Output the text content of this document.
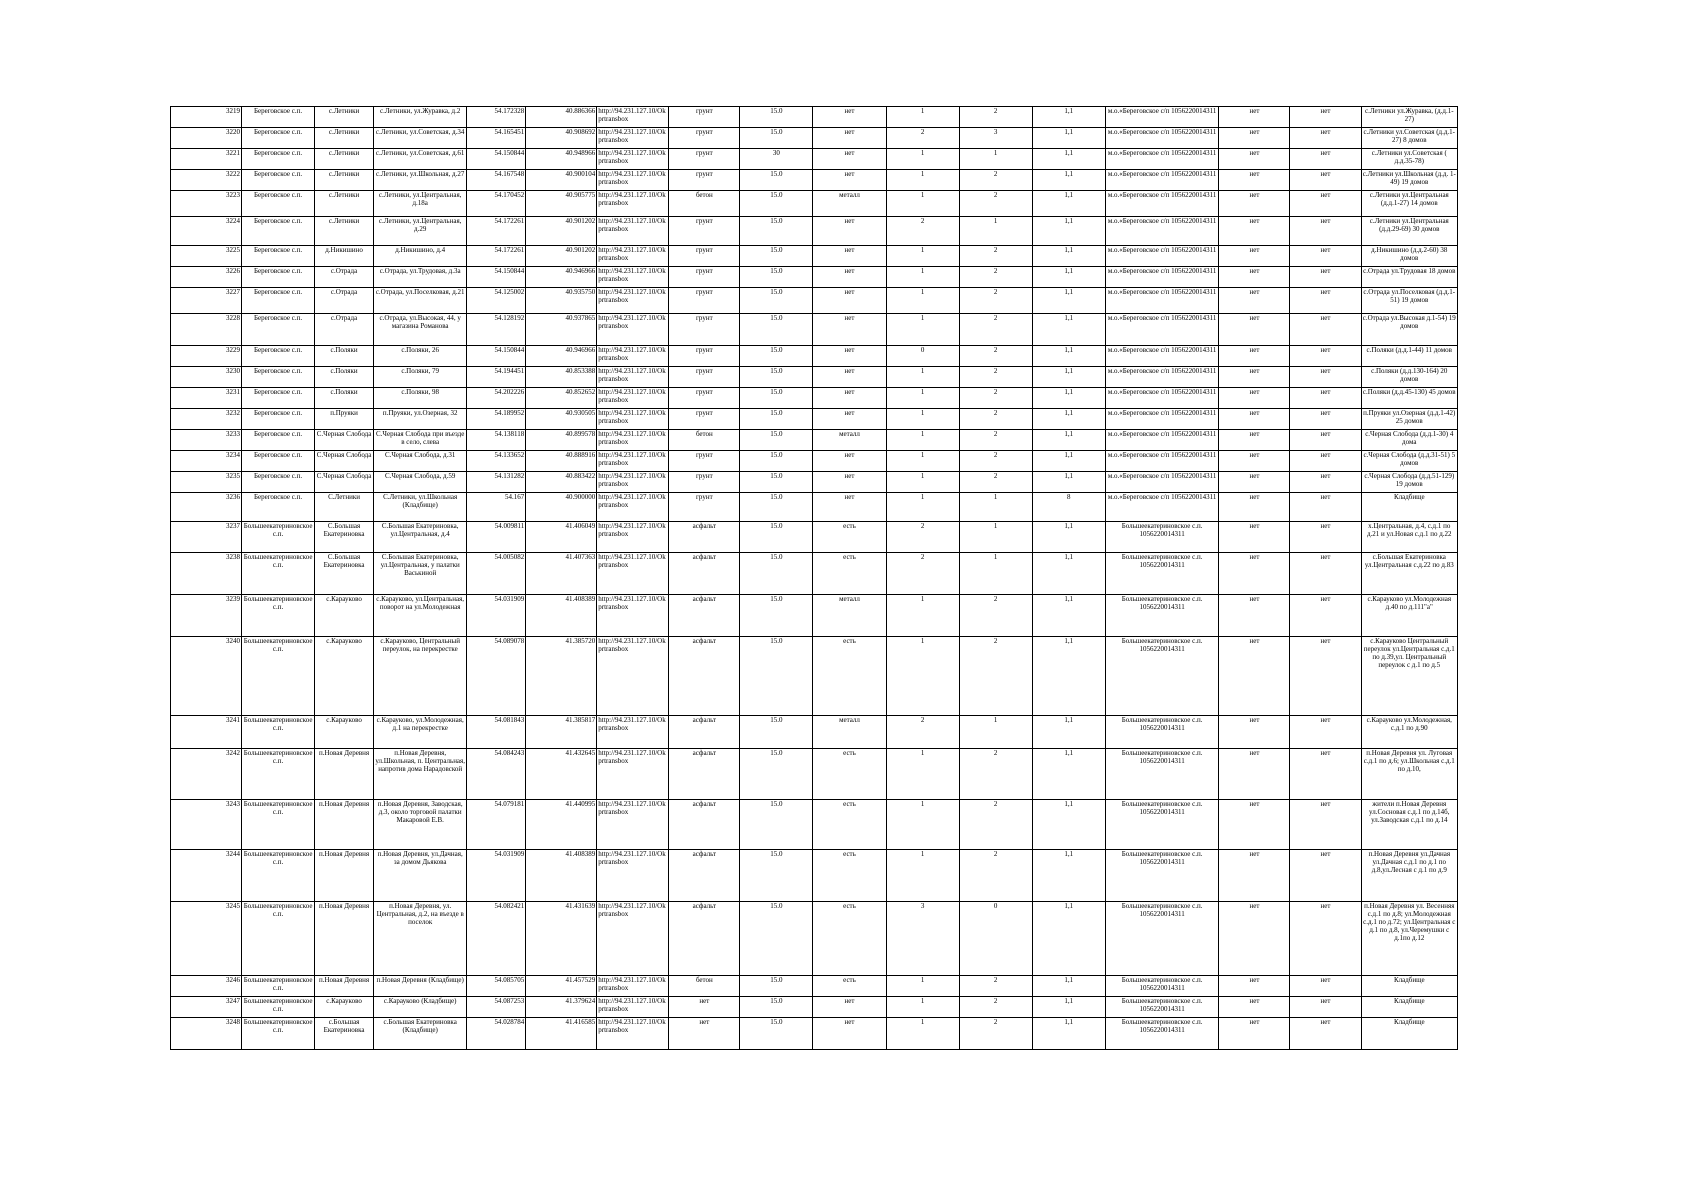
3219	Береговское с.п.	с.Летники	с.Летники, ул.Журавка, д.2	54.172328	40.886366	http://94.231.127.10/Okprtransbox	грунт	15.0	нет	1	2	1,1	м.о.«Береговское с/п 1056220014311	нет	нет	с.Летники ул.Журавка, (д.д.1-27)
3220	Береговское с.п.	с.Летники	с.Летники, ул.Советская, д.34	54.165451	40.908692	http://94.231.127.10/Okprtransbox	грунт	15.0	нет	2	3	1,1	м.о.«Береговское с/п 1056220014311	нет	нет	с.Летники ул.Советская (д.д.1-27) 8 домов
3221	Береговское с.п.	с.Летники	с.Летники, ул.Советская, д.61	54.150844	40.948966	http://94.231.127.10/Okprtransbox	грунт	30	нет	1	1	1,1	м.о.«Береговское с/п 1056220014311	нет	нет	с.Летники ул.Советская ( д.д.35-78)
3222	Береговское с.п.	с.Летники	с.Летники, ул.Школьная, д.27	54.167548	40.900104	http://94.231.127.10/Okprtransbox	грунт	15.0	нет	1	2	1,1	м.о.«Береговское с/п 1056220014311	нет	нет	с.Летники ул.Школьная (д.д. 1-49) 19 домов
3223	Береговское с.п.	с.Летники	с.Летники, ул.Центральная, д.18а	54.170452	40.905775	http://94.231.127.10/Okprtransbox	бетон	15.0	металл	1	2	1,1	м.о.«Береговское с/п 1056220014311	нет	нет	с.Летники ул.Центральная (д.д.1-27) 14 домов
3224	Береговское с.п.	с.Летники	с.Летники, ул.Центральная, д.29	54.172261	40.901202	http://94.231.127.10/Okprtransbox	грунт	15.0	нет	2	1	1,1	м.о.«Береговское с/п 1056220014311	нет	нет	с.Летники ул.Центральная (д.д.29-69) 30 домов
3225	Береговское с.п.	д.Никишино	д.Никишино, д.4	54.172261	40.901202	http://94.231.127.10/Okprtransbox	грунт	15.0	нет	1	2	1,1	м.о.«Береговское с/п 1056220014311	нет	нет	д.Никишино (д.д.2-60) 38 домов
3226	Береговское с.п.	с.Отрада	с.Отрада, ул.Трудовая, д.3а	54.150844	40.946966	http://94.231.127.10/Okprtransbox	грунт	15.0	нет	1	2	1,1	м.о.«Береговское с/п 1056220014311	нет	нет	с.Отрада ул.Трудовая 18 домов
3227	Береговское с.п.	с.Отрада	с.Отрада, ул.Поселковая, д.21	54.125002	40.935750	http://94.231.127.10/Okprtransbox	грунт	15.0	нет	1	2	1,1	м.о.«Береговское с/п 1056220014311	нет	нет	с.Отрада ул.Поселковая (д.д.1-51) 19 домов
3228	Береговское с.п.	с.Отрада	с.Отрада, ул.Высокая, 44, у магазина Романова	54.128192	40.937865	http://94.231.127.10/Okprtransbox	грунт	15.0	нет	1	2	1,1	м.о.«Береговское с/п 1056220014311	нет	нет	с.Отрада ул.Высокая д.1-54) 19 домов
3229	Береговское с.п.	с.Поляки	с.Поляки, 26	54.150844	40.946966	http://94.231.127.10/Okprtransbox	грунт	15.0	нет	0	2	1,1	м.о.«Береговское с/п 1056220014311	нет	нет	с.Поляки (д.д.1-44) 11 домов
3230	Береговское с.п.	с.Поляки	с.Поляки, 79	54.194451	40.853388	http://94.231.127.10/Okprtransbox	грунт	15.0	нет	1	2	1,1	м.о.«Береговское с/п 1056220014311	нет	нет	с.Поляки (д.д.130-164) 20 домов
3231	Береговское с.п.	с.Поляки	с.Поляки, 98	54.202226	40.852652	http://94.231.127.10/Okprtransbox	грунт	15.0	нет	1	2	1,1	м.о.«Береговское с/п 1056220014311	нет	нет	с.Поляки (д.д.45-130) 45 домов
3232	Береговское с.п.	п.Пруяки	п.Пруяки, ул.Озерная, 32	54.189952	40.930505	http://94.231.127.10/Okprtransbox	грунт	15.0	нет	1	2	1,1	м.о.«Береговское с/п 1056220014311	нет	нет	п.Пруяки ул.Озерная (д.д.1-42) 25 домов
3233	Береговское с.п.	С.Черная Слобода	С.Черная Слобода при въезде в село, слева	54.138118	40.899578	http://94.231.127.10/Okprtransbox	бетон	15.0	металл	1	2	1,1	м.о.«Береговское с/п 1056220014311	нет	нет	с.Черная Слобода (д.д.1-30) 4 дома
3234	Береговское с.п.	С.Черная Слобода	С.Черная Слобода, д.31	54.133652	40.888916	http://94.231.127.10/Okprtransbox	грунт	15.0	нет	1	2	1,1	м.о.«Береговское с/п 1056220014311	нет	нет	с.Черная Слобода (д.д.31-51) 5 домов
3235	Береговское с.п.	С.Черная Слобода	С.Черная Слобода, д.59	54.131282	40.883422	http://94.231.127.10/Okprtransbox	грунт	15.0	нет	1	2	1,1	м.о.«Береговское с/п 1056220014311	нет	нет	с.Черная Слобода (д.д.51-129) 19 домов
3236	Береговское с.п.	С.Летники	С.Летники, ул.Школьная (Кладбище)	54.167	40.900000	http://94.231.127.10/Okprtransbox	грунт	15.0	нет	1	1	8	м.о.«Береговское с/п 1056220014311	нет	нет	Кладбище
3237	Большеекатериновское с.п.	С.Большая Екатериновка	С.Большая Екатериновка, ул.Центральная, д.4	54.009811	41.406049	http://94.231.127.10/Okprtransbox	асфальт	15.0	есть	2	1	1,1	Большеекатериновское с.п. 1056220014311	нет	нет	х.Центральная, д.4, с.д.1 по д.21 и ул.Новая с.д.1 по д.22
3238	Большеекатериновское с.п.	С.Большая Екатериновка	С.Большая Екатериновка, ул.Центральная, у палатки Васькиной	54.005082	41.407363	http://94.231.127.10/Okprtransbox	асфальт	15.0	есть	2	1	1,1	Большеекатериновское с.п. 1056220014311	нет	нет	с.Большая Екатериновка ул.Центральная с.д.22 по д.83
3239	Большеекатериновское с.п.	с.Карауково	с.Карауково, ул.Центральная, поворот на ул.Молодежная	54.031909	41.408389	http://94.231.127.10/Okprtransbox	асфальт	15.0	металл	1	2	1,1	Большеекатериновское с.п. 1056220014311	нет	нет	с.Карауково ул.Молодежная д.40 по д.111"а"
3240	Большеекатериновское с.п.	с.Карауково	с.Карауково, Центральный переулок, на перекрестке	54.089078	41.385720	http://94.231.127.10/Okprtransbox	асфальт	15.0	есть	1	2	1,1	Большеекатериновское с.п. 1056220014311	нет	нет	с.Карауково Центральный переулок ул.Центральная с.д.1 по д.39,ул. Центральный переулок с д.1 по д.5
3241	Большеекатериновское с.п.	с.Карауково	с.Карауково, ул.Молодежная, д.1 на перекрестке	54.081843	41.385817	http://94.231.127.10/Okprtransbox	асфальт	15.0	металл	2	1	1,1	Большеекатериновское с.п. 1056220014311	нет	нет	с.Карауково ул.Молодежная, с.д.1 по д.90
3242	Большеекатериновское с.п.	п.Новая Деревня	п.Новая Деревня, ул.Школьная, п. Центральная, напротив дома Нарадовской	54.084243	41.432645	http://94.231.127.10/Okprtransbox	асфальт	15.0	есть	1	2	1,1	Большеекатериновское с.п. 1056220014311	нет	нет	п.Новая Деревня ул. Луговая с.д.1 по д.6; ул.Школьная с.д.1 по д.10,
3243	Большеекатериновское с.п.	п.Новая Деревня	п.Новая Деревня, Заводская, д.3, около торговой палатки Макаровой Е.В.	54.079181	41.440995	http://94.231.127.10/Okprtransbox	асфальт	15.0	есть	1	2	1,1	Большеекатериновское с.п. 1056220014311	нет	нет	жители п.Новая Деревня ул.Сосновая с.д.1 по д.14б, ул.Заводская с.д.1 по д.14
3244	Большеекатериновское с.п.	п.Новая Деревня	п.Новая Деревня, ул.Дачная, за домом Дьякова	54.031909	41.408389	http://94.231.127.10/Okprtransbox	асфальт	15.0	есть	1	2	1,1	Большеекатериновское с.п. 1056220014311	нет	нет	п.Новая Деревня ул.Дачная ул.Дачная с.д.1 по д.1 по д.8,ул.Лесная с д.1 по д.9
3245	Большеекатериновское с.п.	п.Новая Деревня	п.Новая Деревня, ул. Центральная, д.2, на въезде в поселок	54.082421	41.431639	http://94.231.127.10/Okprtransbox	асфальт	15.0	есть	3	0	1,1	Большеекатериновское с.п. 1056220014311	нет	нет	п.Новая Деревня ул. Весенняя с.д.1 по д.8; ул.Молодежная с.д.1 по д.72; ул.Центральная с д.1 по д.8, ул.Черемушки с д.1по д.12
3246	Большеекатериновское с.п.	п.Новая Деревня	п.Новая Деревня (Кладбище)	54.085705	41.457529	http://94.231.127.10/Okprtransbox	бетон	15.0	есть	1	2	1,1	Большеекатериновское с.п. 1056220014311	нет	нет	Кладбище
3247	Большеекатериновское с.п.	с.Карауково	с.Карауково (Кладбище)	54.087253	41.379624	http://94.231.127.10/Okprtransbox	нет	15.0	нет	1	2	1,1	Большеекатериновское с.п. 1056220014311	нет	нет	Кладбище
3248	Большеекатериновское с.п.	с.Большая Екатериновка	с.Большая Екатериновка (Кладбище)	54.028784	41.416585	http://94.231.127.10/Okprtransbox	нет	15.0	нет	1	2	1,1	Большеекатериновское с.п. 1056220014311	нет	нет	Кладбище
